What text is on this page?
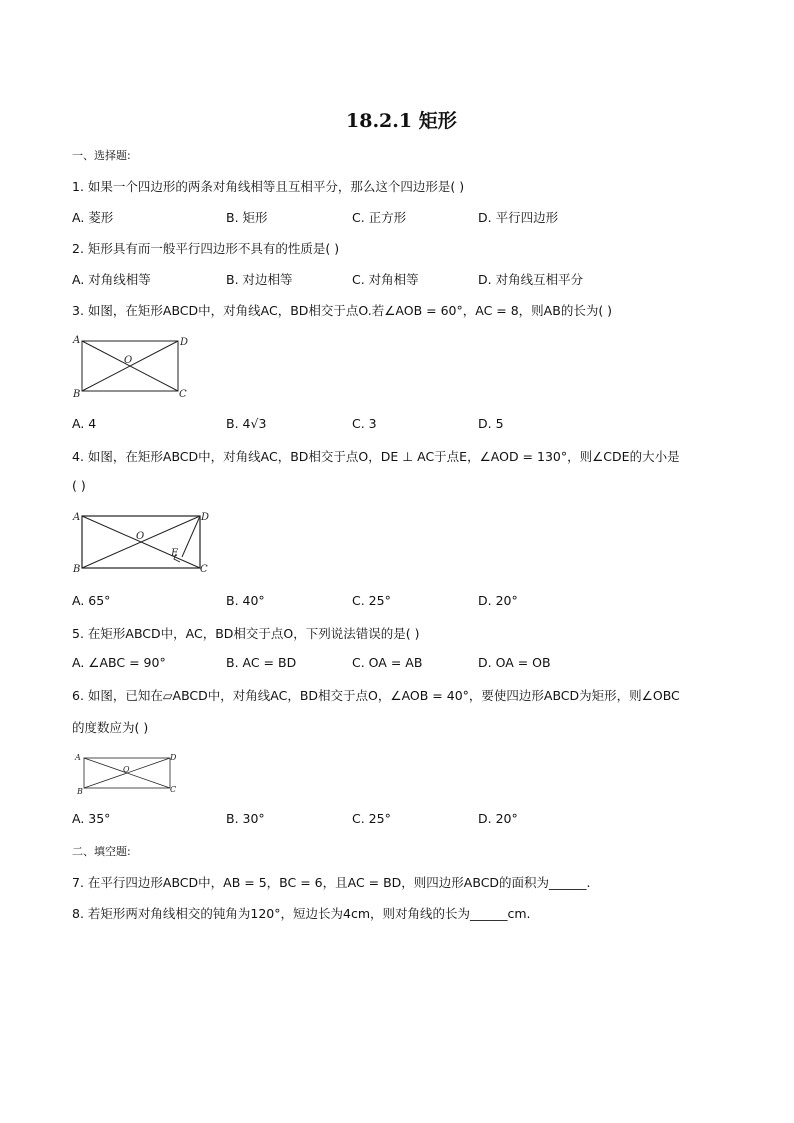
18.2.1 矩形
一、选择题:
1. 如果一个四边形的两条对角线相等且互相平分，那么这个四边形是( )
A. 菱形	B. 矩形	C. 正方形	D. 平行四边形
2. 矩形具有而一般平行四边形不具有的性质是( )
A. 对角线相等	B. 对边相等	C. 对角相等	D. 对角线互相平分
3. 如图，在矩形ABCD中，对角线AC，BD相交于点O.若∠AOB = 60°，AC = 8，则AB的长为( )
A	D
B	C
O
A. 4	B. 4√3	C. 3	D. 5
4. 如图，在矩形ABCD中，对角线AC，BD相交于点O，DE ⊥ AC于点E，∠AOD = 130°，则∠CDE的大小是
( )
A	D
B	C
O
E
A. 65°	B. 40°	C. 25°	D. 20°
5. 在矩形ABCD中，AC，BD相交于点O，下列说法错误的是( )
A. ∠ABC = 90°	B. AC = BD	C. OA = AB	D. OA = OB
6. 如图，已知在▱ABCD中，对角线AC，BD相交于点O，∠AOB = 40°，要使四边形ABCD为矩形，则∠OBC
的度数应为( )
A	D
B	C
O
A. 35°	B. 30°	C. 25°	D. 20°
二、填空题:
7. 在平行四边形ABCD中，AB = 5，BC = 6，且AC = BD，则四边形ABCD的面积为______.
8. 若矩形两对角线相交的钝角为120°，短边长为4cm，则对角线的长为______cm.
